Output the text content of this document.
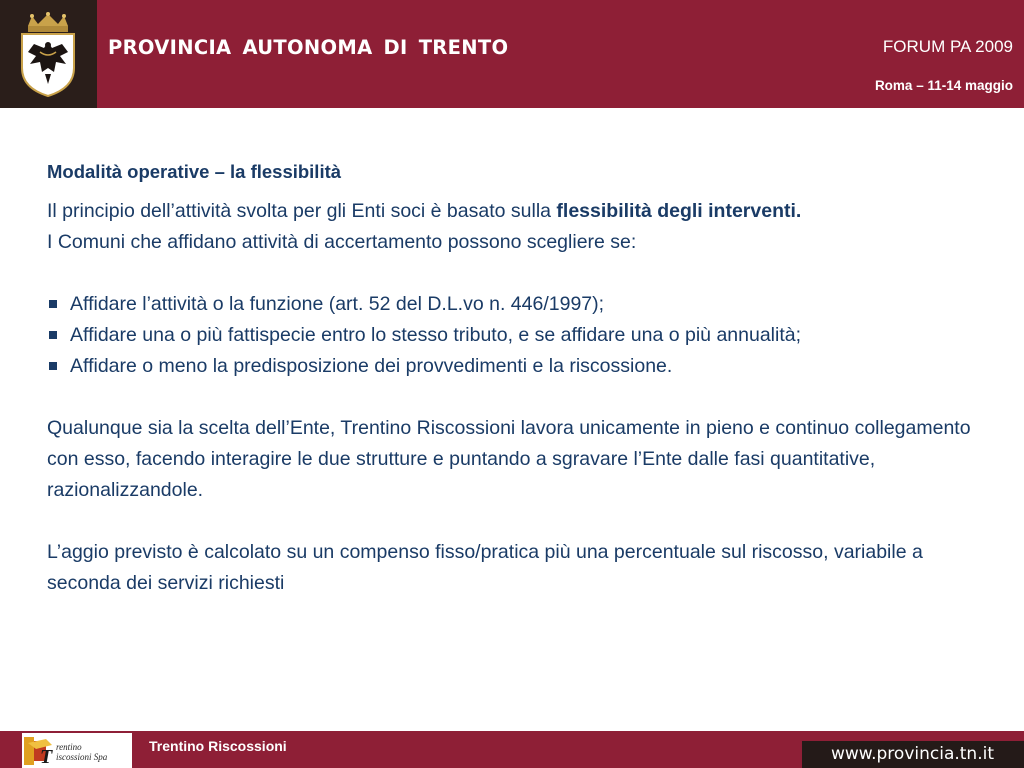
PROVINCIA AUTONOMA DI TRENTO	FORUM PA 2009
Roma – 11-14 maggio
Modalità operative – la flessibilità

Il principio dell’attività svolta per gli Enti soci è basato sulla flessibilità degli interventi.

I Comuni che affidano attività di accertamento possono scegliere se:

Affidare l’attività o la funzione (art. 52 del D.L.vo n. 446/1997);
Affidare una o più fattispecie entro lo stesso tributo, e se affidare una o più annualità;
Affidare o meno la predisposizione dei provvedimenti e la riscossione.

Qualunque sia la scelta dell’Ente, Trentino Riscossioni lavora unicamente in pieno e continuo collegamento con esso, facendo interagire le due strutture e puntando a sgravare l’Ente dalle fasi quantitative, razionalizzandole.

L’aggio previsto è calcolato su un compenso fisso/pratica più una percentuale sul riscosso, variabile a seconda dei servizi richiesti

T rentino
iscossioni Spa
Trentino Riscossioni	www.provincia.tn.it
